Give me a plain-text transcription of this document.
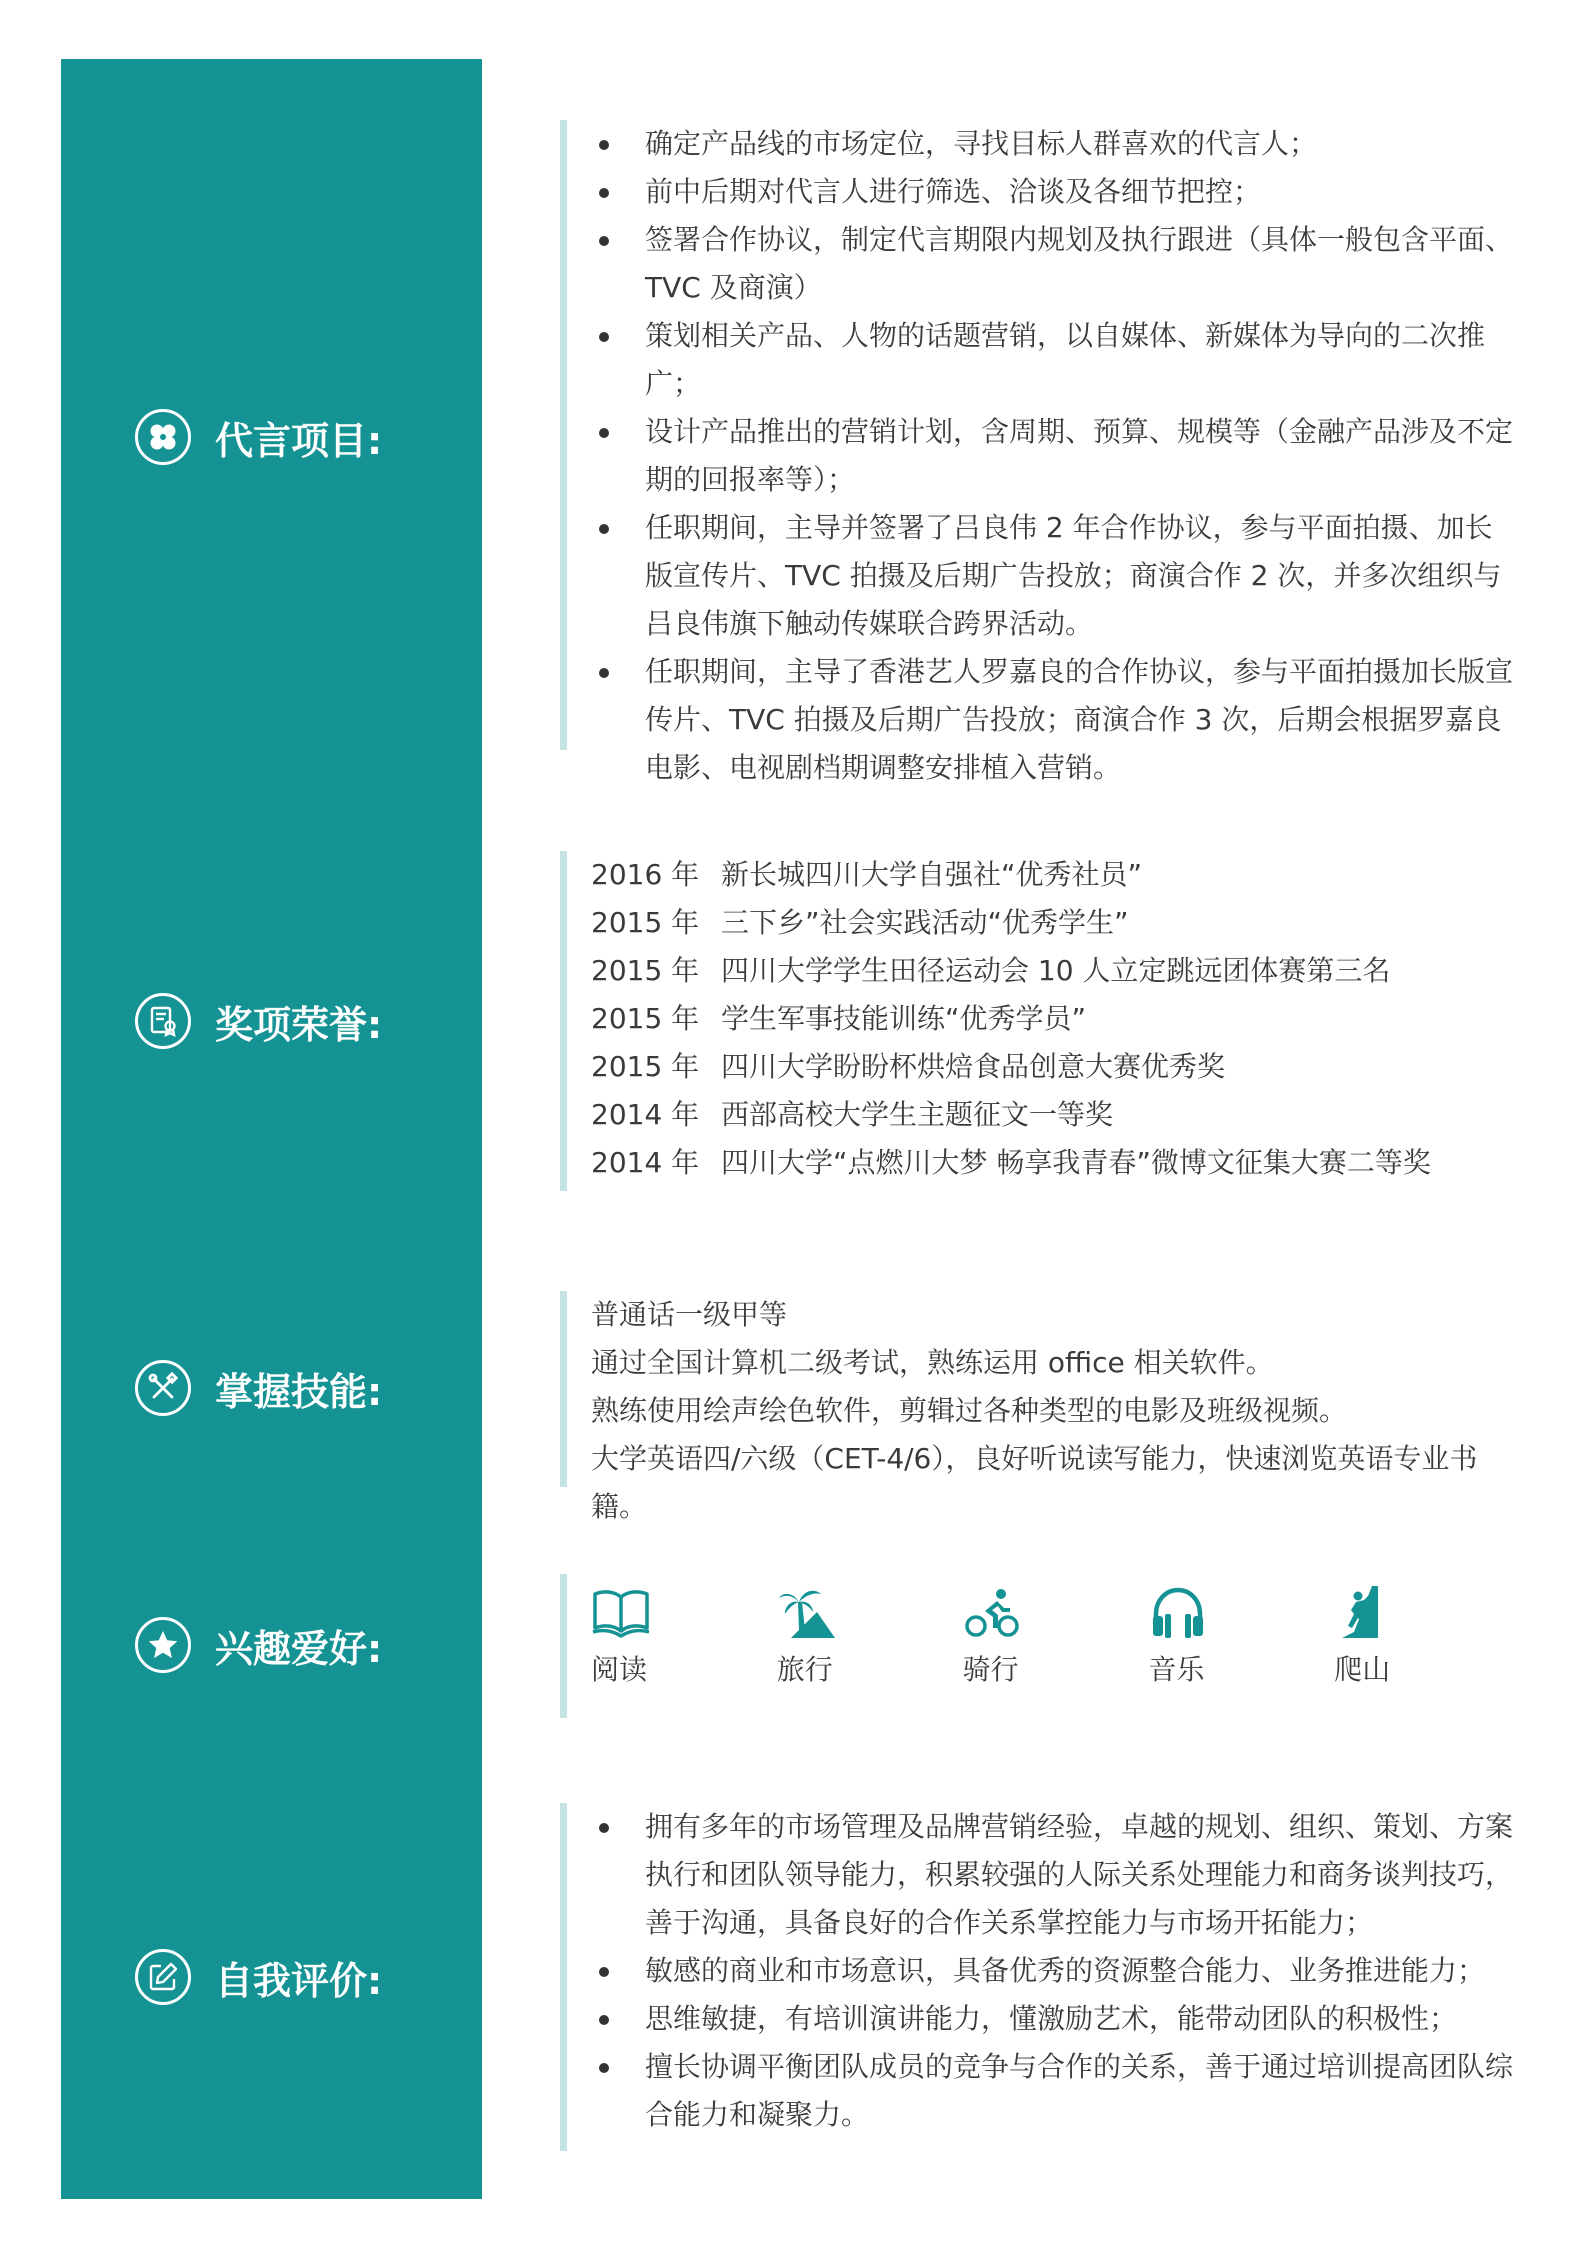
代言项目:
奖项荣誉:
掌握技能:
兴趣爱好:
自我评价:
确定产品线的市场定位，寻找目标人群喜欢的代言人；
前中后期对代言人进行筛选、洽谈及各细节把控；
签署合作协议，制定代言期限内规划及执行跟进（具体一般包含平面、TVC 及商演）
策划相关产品、人物的话题营销，以自媒体、新媒体为导向的二次推广；
设计产品推出的营销计划，含周期、预算、规模等（金融产品涉及不定期的回报率等）；
任职期间，主导并签署了吕良伟 2 年合作协议，参与平面拍摄、加长版宣传片、TVC 拍摄及后期广告投放；商演合作 2 次，并多次组织与吕良伟旗下触动传媒联合跨界活动。
任职期间，主导了香港艺人罗嘉良的合作协议，参与平面拍摄加长版宣传片、TVC 拍摄及后期广告投放；商演合作 3 次，后期会根据罗嘉良电影、电视剧档期调整安排植入营销。
2016 年 新长城四川大学自强社“优秀社员”
2015 年 三下乡”社会实践活动“优秀学生”
2015 年 四川大学学生田径运动会 10 人立定跳远团体赛第三名
2015 年 学生军事技能训练“优秀学员”
2015 年 四川大学盼盼杯烘焙食品创意大赛优秀奖
2014 年 西部高校大学生主题征文一等奖
2014 年 四川大学“点燃川大梦 畅享我青春”微博文征集大赛二等奖
普通话一级甲等
通过全国计算机二级考试，熟练运用 office 相关软件。
熟练使用绘声绘色软件，剪辑过各种类型的电影及班级视频。
大学英语四/六级（CET-4/6），良好听说读写能力，快速浏览英语专业书籍。
阅读	旅行	骑行	音乐	爬山
拥有多年的市场管理及品牌营销经验，卓越的规划、组织、策划、方案执行和团队领导能力，积累较强的人际关系处理能力和商务谈判技巧，善于沟通，具备良好的合作关系掌控能力与市场开拓能力；
敏感的商业和市场意识，具备优秀的资源整合能力、业务推进能力；
思维敏捷，有培训演讲能力，懂激励艺术，能带动团队的积极性；
擅长协调平衡团队成员的竞争与合作的关系，善于通过培训提高团队综合能力和凝聚力。
